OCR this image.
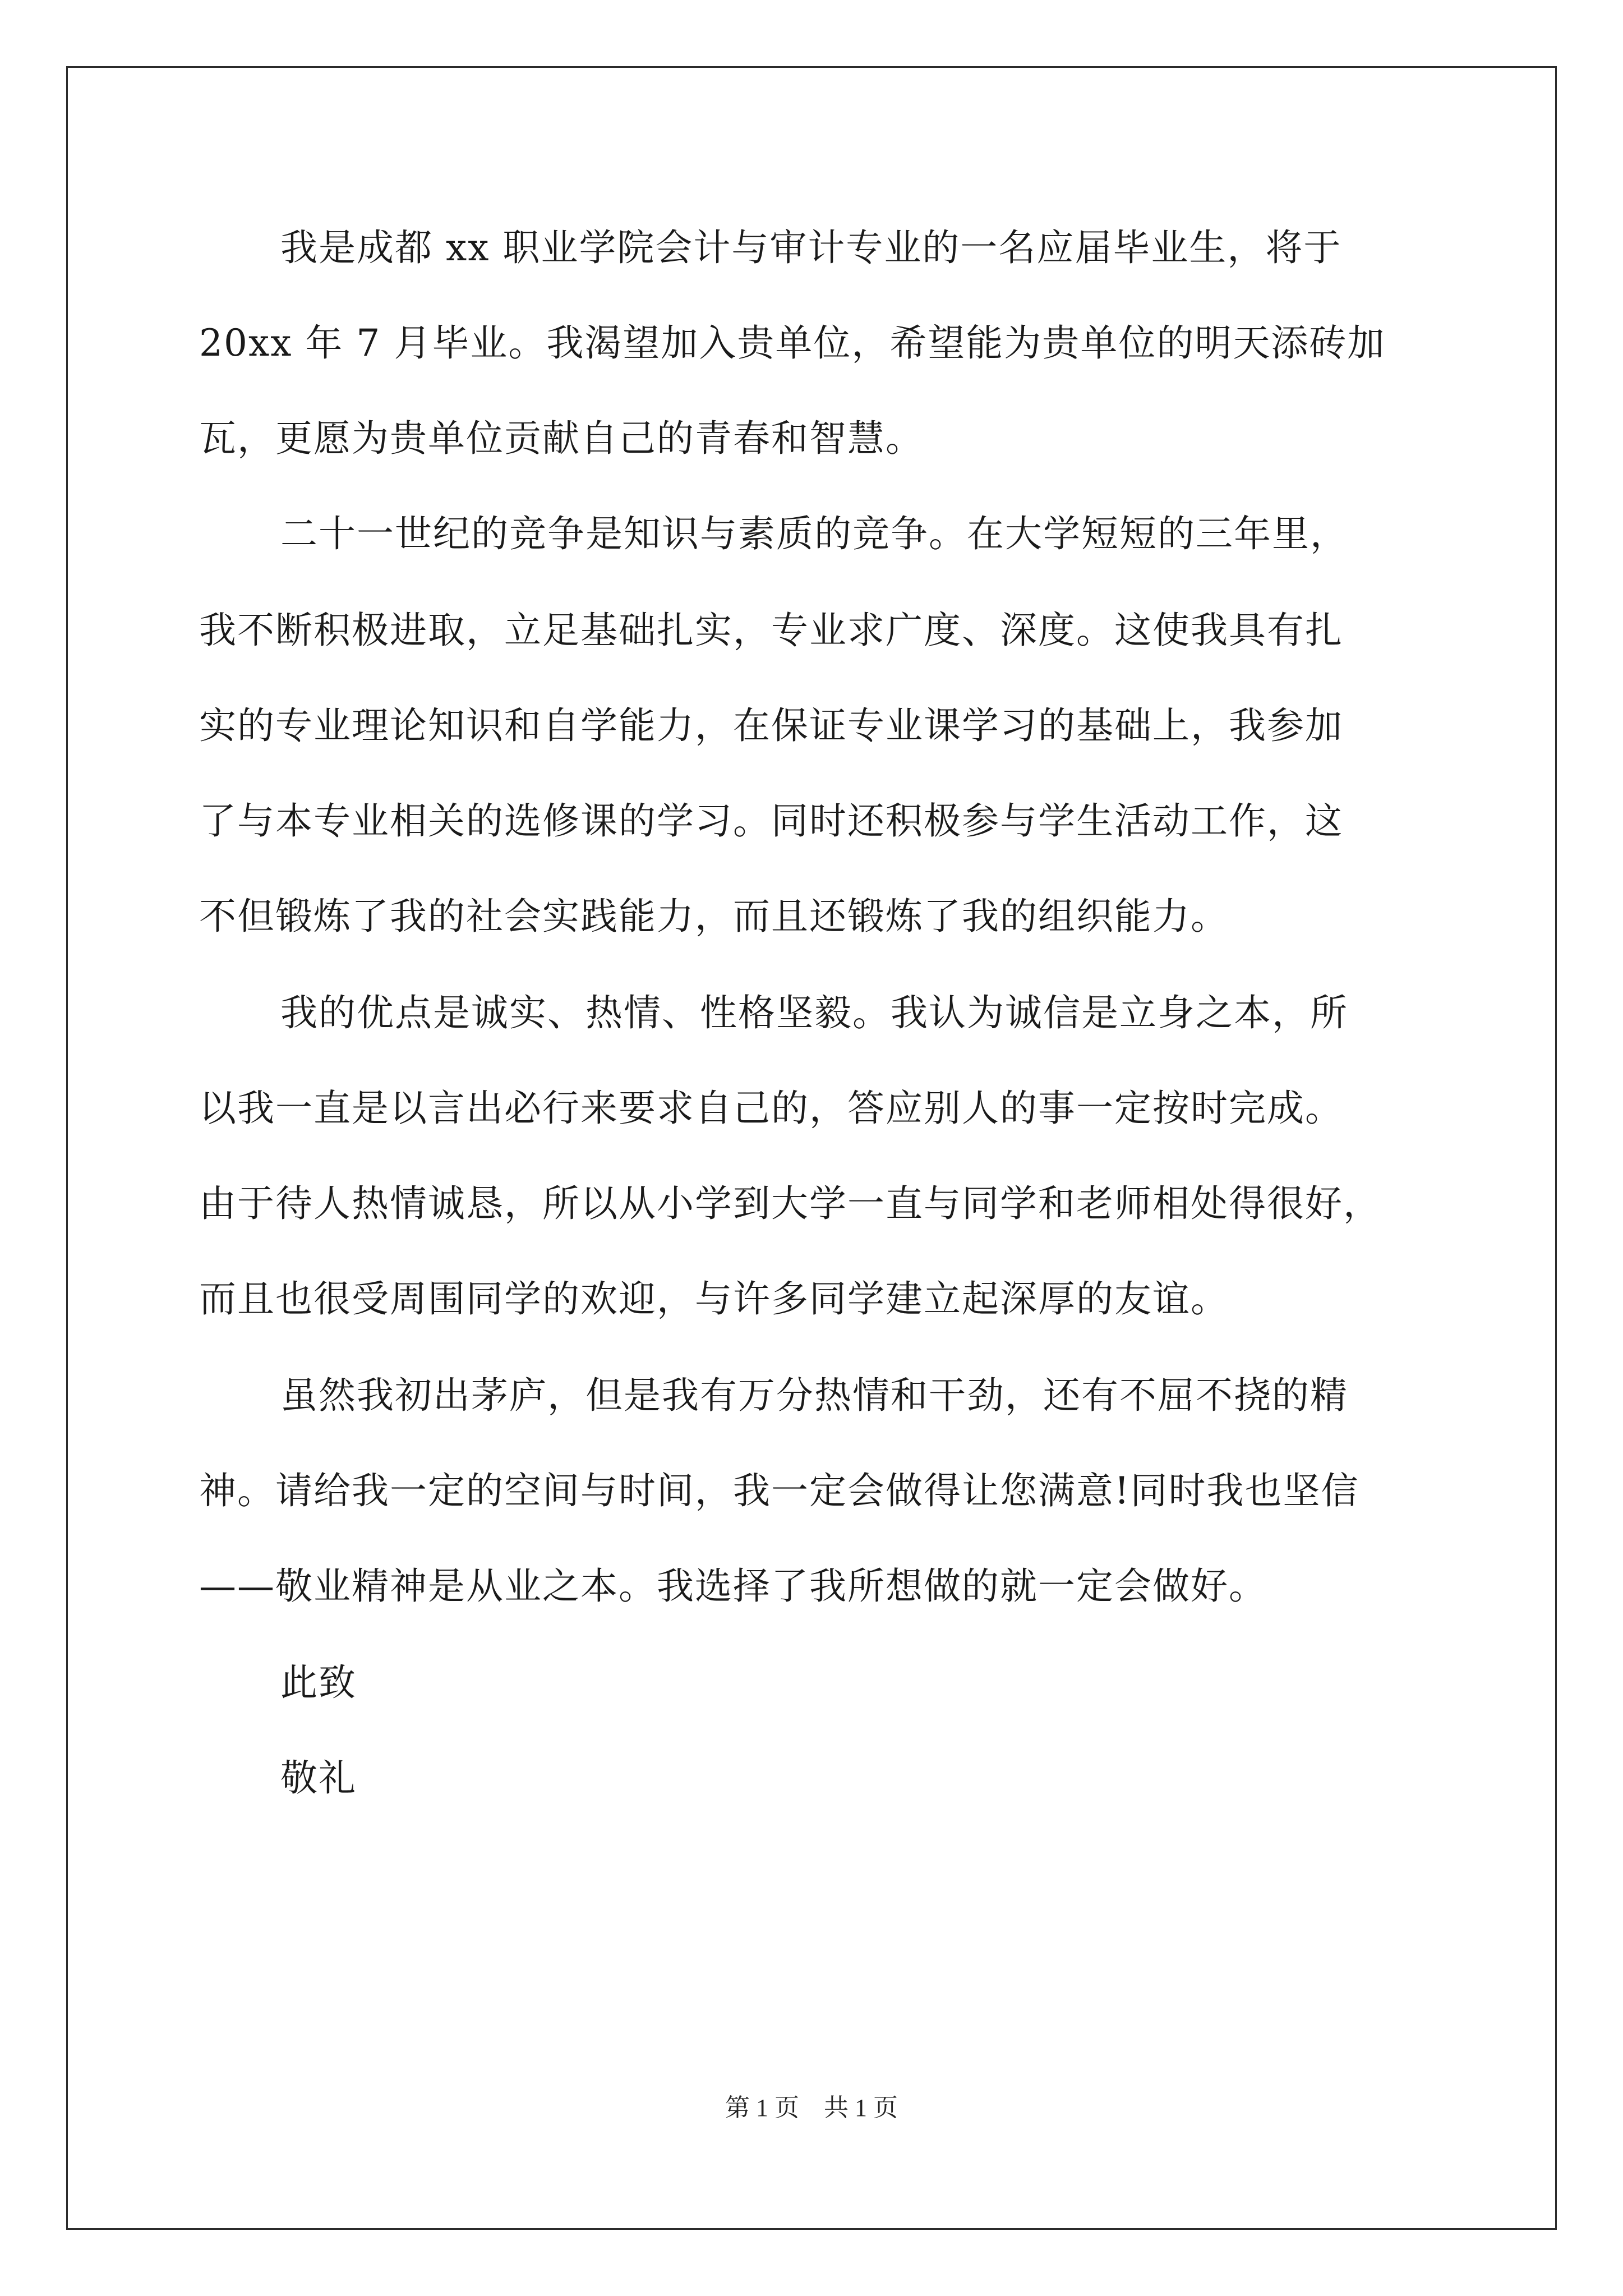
我是成都 xx 职业学院会计与审计专业的一名应届毕业生，将于
20xx 年 7 月毕业。我渴望加入贵单位，希望能为贵单位的明天添砖加
瓦，更愿为贵单位贡献自己的青春和智慧。
二十一世纪的竞争是知识与素质的竞争。在大学短短的三年里，
我不断积极进取，立足基础扎实，专业求广度、深度。这使我具有扎
实的专业理论知识和自学能力，在保证专业课学习的基础上，我参加
了与本专业相关的选修课的学习。同时还积极参与学生活动工作，这
不但锻炼了我的社会实践能力，而且还锻炼了我的组织能力。
我的优点是诚实、热情、性格坚毅。我认为诚信是立身之本，所
以我一直是以言出必行来要求自己的，答应别人的事一定按时完成。
由于待人热情诚恳，所以从小学到大学一直与同学和老师相处得很好，
而且也很受周围同学的欢迎，与许多同学建立起深厚的友谊。
虽然我初出茅庐，但是我有万分热情和干劲，还有不屈不挠的精
神。请给我一定的空间与时间，我一定会做得让您满意!同时我也坚信
——敬业精神是从业之本。我选择了我所想做的就一定会做好。
此致
敬礼
第 1 页　共 1 页
